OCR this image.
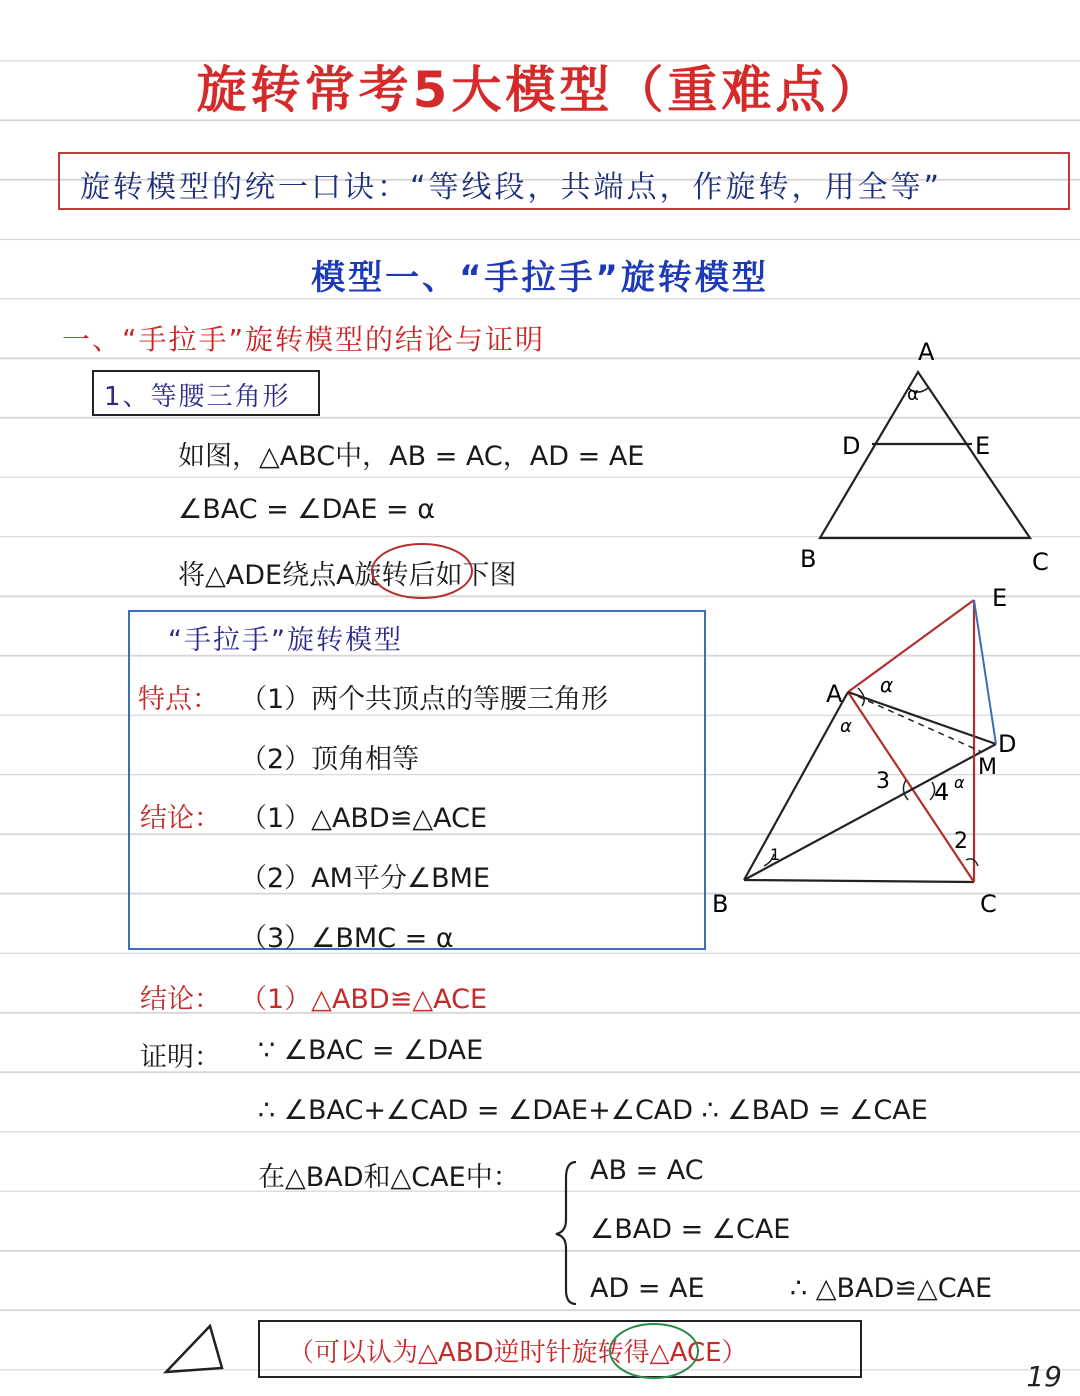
旋转常考5大模型（重难点）
旋转模型的统一口诀：“等线段，共端点，作旋转，用全等”
模型一、“手拉手”旋转模型
一、“手拉手”旋转模型的结论与证明
1、等腰三角形
如图，△ABC中，AB = AC，AD = AE
∠BAC = ∠DAE = α
将△ADE绕点A旋转后如下图
“手拉手”旋转模型
特点： （1）两个共顶点的等腰三角形
（2）顶角相等
结论： （1）△ABD≌△ACE
（2）AM平分∠BME
（3）∠BMC = α
结论： （1）△ABD≌△ACE
证明： ∵ ∠BAC = ∠DAE
∴ ∠BAC+∠CAD = ∠DAE+∠CAD ∴ ∠BAD = ∠CAE
在△BAD和△CAE中：	AB = AC
∠BAD = ∠CAE
AD = AE	∴ △BAD≌△CAE
（可以认为△ABD逆时针旋转得△ACE）
19
α
A
D	E
B	C
A α
α
α
D
M
E
3 4
2
1
B	C
